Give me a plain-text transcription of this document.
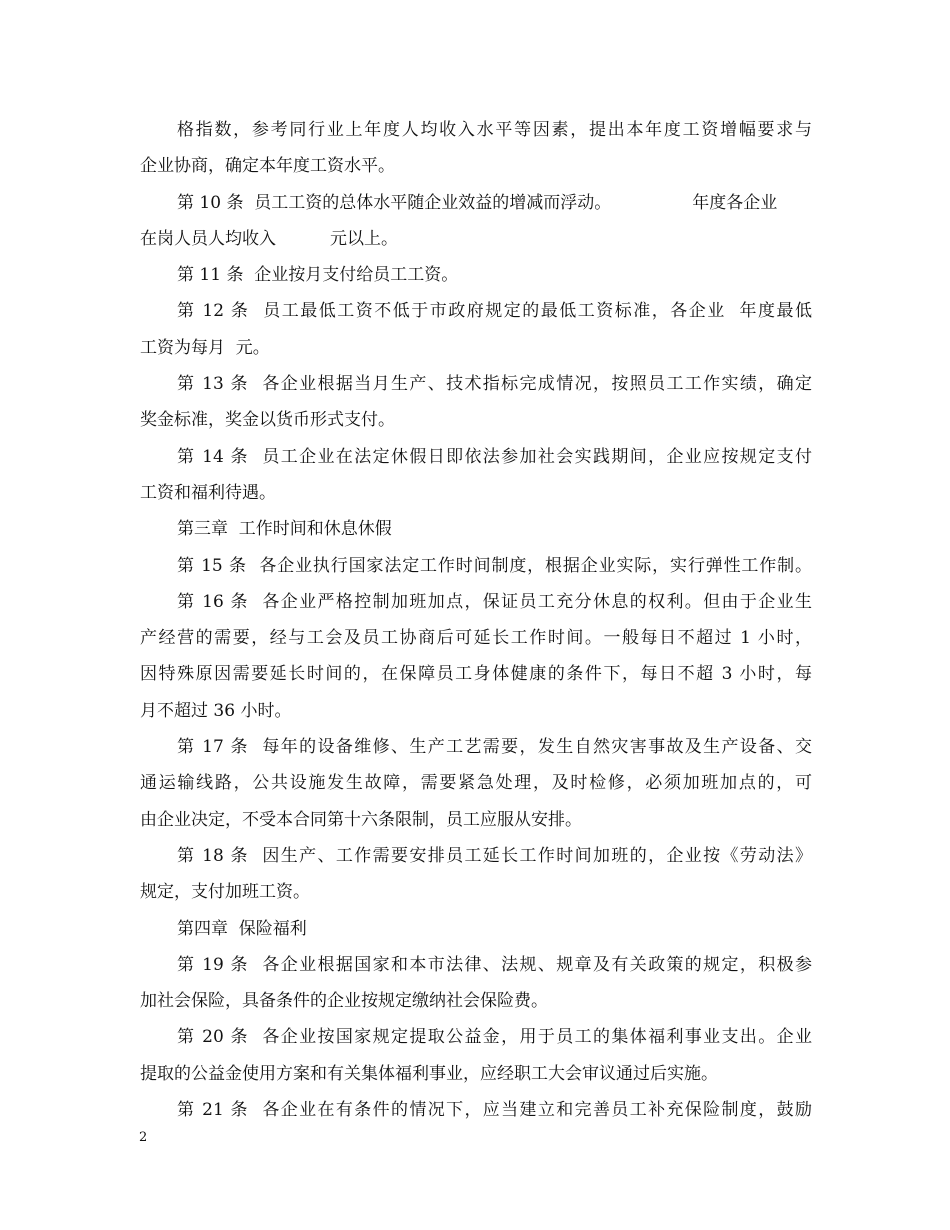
格指数，参考同行业上年度人均收入水平等因素，提出本年度工资增幅要求与
企业协商，确定本年度工资水平。
第 10 条  员工工资的总体水平随企业效益的增减而浮动。               年度各企业
在岗人员人均收入          元以上。
第 11 条  企业按月支付给员工工资。
第 12 条  员工最低工资不低于市政府规定的最低工资标准，各企业  年度最低
工资为每月  元。
第 13 条  各企业根据当月生产、技术指标完成情况，按照员工工作实绩，确定
奖金标准，奖金以货币形式支付。
第 14 条  员工企业在法定休假日即依法参加社会实践期间，企业应按规定支付
工资和福利待遇。
第三章  工作时间和休息休假
第 15 条  各企业执行国家法定工作时间制度，根据企业实际，实行弹性工作制。
第 16 条  各企业严格控制加班加点，保证员工充分休息的权利。但由于企业生
产经营的需要，经与工会及员工协商后可延长工作时间。一般每日不超过 1 小时，
因特殊原因需要延长时间的，在保障员工身体健康的条件下，每日不超 3 小时，每
月不超过 36 小时。
第 17 条  每年的设备维修、生产工艺需要，发生自然灾害事故及生产设备、交
通运输线路，公共设施发生故障，需要紧急处理，及时检修，必须加班加点的，可
由企业决定，不受本合同第十六条限制，员工应服从安排。
第 18 条  因生产、工作需要安排员工延长工作时间加班的，企业按《劳动法》
规定，支付加班工资。
第四章  保险福利
第 19 条  各企业根据国家和本市法律、法规、规章及有关政策的规定，积极参
加社会保险，具备条件的企业按规定缴纳社会保险费。
第 20 条  各企业按国家规定提取公益金，用于员工的集体福利事业支出。企业
提取的公益金使用方案和有关集体福利事业，应经职工大会审议通过后实施。
第 21 条  各企业在有条件的情况下，应当建立和完善员工补充保险制度，鼓励
2
